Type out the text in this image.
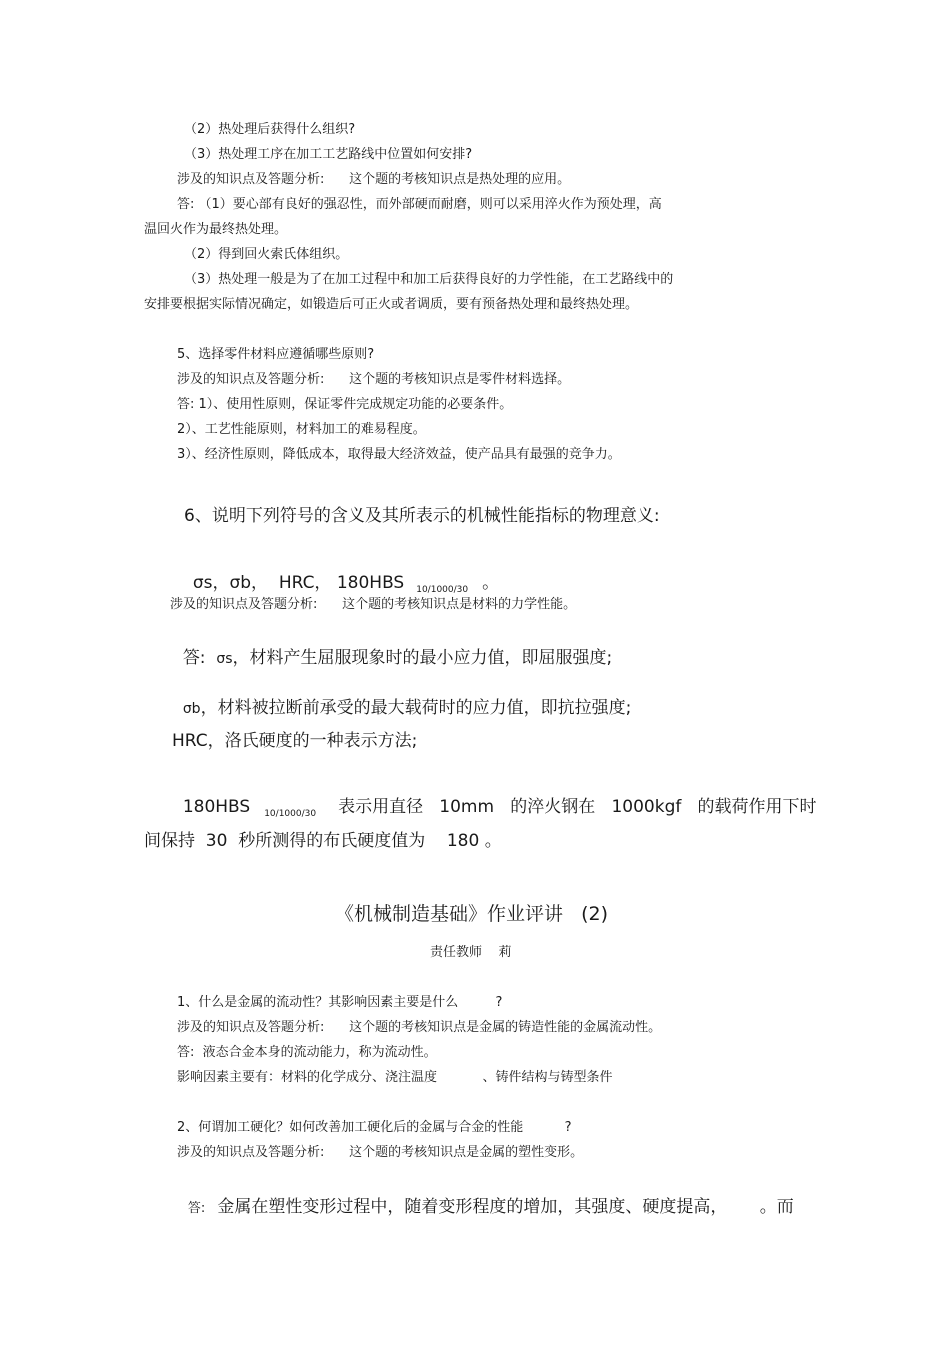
（2）热处理后获得什么组织?
（3）热处理工序在加工工艺路线中位置如何安排?
涉及的知识点及答题分析:      这个题的考核知识点是热处理的应用。
答: （1）要心部有良好的强忍性，而外部硬而耐磨，则可以采用淬火作为预处理，高
温回火作为最终热处理。
（2）得到回火索氏体组织。
（3）热处理一般是为了在加工过程中和加工后获得良好的力学性能，在工艺路线中的
安排要根据实际情况确定，如锻造后可正火或者调质，要有预备热处理和最终热处理。
5、选择零件材料应遵循哪些原则?
涉及的知识点及答题分析:      这个题的考核知识点是零件材料选择。
答: 1）、使用性原则，保证零件完成规定功能的必要条件。
2）、工艺性能原则，材料加工的难易程度。
3）、经济性原则，降低成本，取得最大经济效益，使产品具有最强的竞争力。
6、说明下列符号的含义及其所表示的机械性能指标的物理意义:

σs，σb，  HRC， 180HBS $_{10/1000/30}$ 。

涉及的知识点及答题分析:      这个题的考核知识点是材料的力学性能。

答:  σs，材料产生屈服现象时的最小应力值，即屈服强度;

σb，材料被拉断前承受的最大载荷时的应力值，即抗拉强度;

HRC，洛氏硬度的一种表示方法;

180HBS $_{10/1000/30}$ 表示用直径   10mm   的淬火钢在   1000kgf   的载荷作用下时

间保持  30  秒所测得的布氏硬度值为    180 。
《机械制造基础》作业评讲   (2)
责任教师    莉
1、什么是金属的流动性？其影响因素主要是什么         ?
涉及的知识点及答题分析:      这个题的考核知识点是金属的铸造性能的金属流动性。
答:  液态合金本身的流动能力，称为流动性。
影响因素主要有：材料的化学成分、浇注温度           、铸件结构与铸型条件
2、何谓加工硬化？如何改善加工硬化后的金属与合金的性能          ?
涉及的知识点及答题分析:      这个题的考核知识点是金属的塑性变形。

答: 金属在塑性变形过程中，随着变形程度的增加，其强度、硬度提高，      。而
